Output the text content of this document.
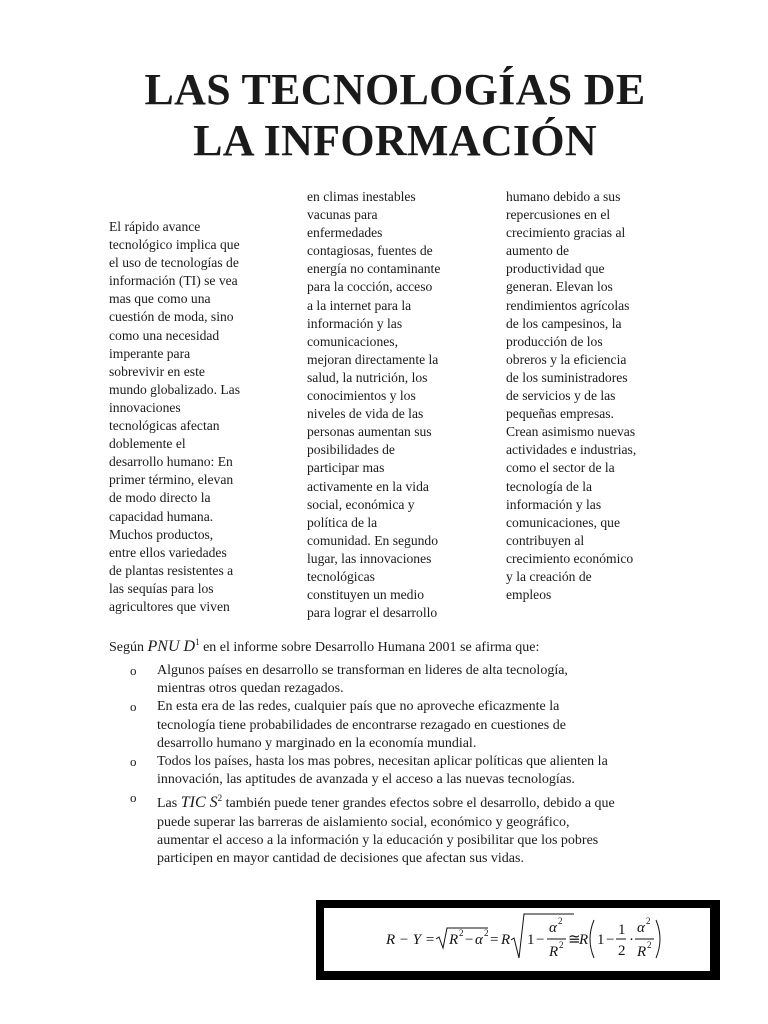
LAS TECNOLOGÍAS DE
LA INFORMACIÓN
El rápido avance
tecnológico implica que
el uso de tecnologías de
información (TI) se vea
mas que como una
cuestión de moda, sino
como una necesidad
imperante para
sobrevivir en este
mundo globalizado. Las
innovaciones
tecnológicas afectan
doblemente el
desarrollo humano: En
primer término, elevan
de modo directo la
capacidad humana.
Muchos productos,
entre ellos variedades
de plantas resistentes a
las sequías para los
agricultores que viven
en climas inestables
vacunas para
enfermedades
contagiosas, fuentes de
energía no contaminante
para la cocción, acceso
a la internet para la
información y las
comunicaciones,
mejoran directamente la
salud, la nutrición, los
conocimientos y los
niveles de vida de las
personas aumentan sus
posibilidades de
participar mas
activamente en la vida
social, económica y
política de la
comunidad. En segundo
lugar, las innovaciones
tecnológicas
constituyen un medio
para lograr el desarrollo
humano debido a sus
repercusiones en el
crecimiento gracias al
aumento de
productividad que
generan. Elevan los
rendimientos agrícolas
de los campesinos, la
producción de los
obreros y la eficiencia
de los suministradores
de servicios y de las
pequeñas empresas.
Crean asimismo nuevas
actividades e industrias,
como el sector de la
tecnología de la
información y las
comunicaciones, que
contribuyen al
crecimiento económico
y la creación de
empleos
Según PNU $D^1$ en el informe sobre Desarrollo Humana 2001 se afirma que:
o Algunos países en desarrollo se transforman en lideres de alta tecnología,
mientras otros quedan rezagados.
o En esta era de las redes, cualquier país que no aproveche eficazmente la
tecnología tiene probabilidades de encontrarse rezagado en cuestiones de
desarrollo humano y marginado en la economía mundial.
o Todos los países, hasta los mas pobres, necesitan aplicar políticas que alienten la
innovación, las aptitudes de avanzada y el acceso a las nuevas tecnologías.
o Las TIC $S^2$ también puede tener grandes efectos sobre el desarrollo, debido a que
puede superar las barreras de aislamiento social, económico y geográfico,
aumentar el acceso a la información y la educación y posibilitar que los pobres
participen en mayor cantidad de decisiones que afectan sus vidas.
R − Y = R 2 − α 2 = R 1 −
α 2
R 2 ≅
R 1 −
1
2
·
α 2
R 2
